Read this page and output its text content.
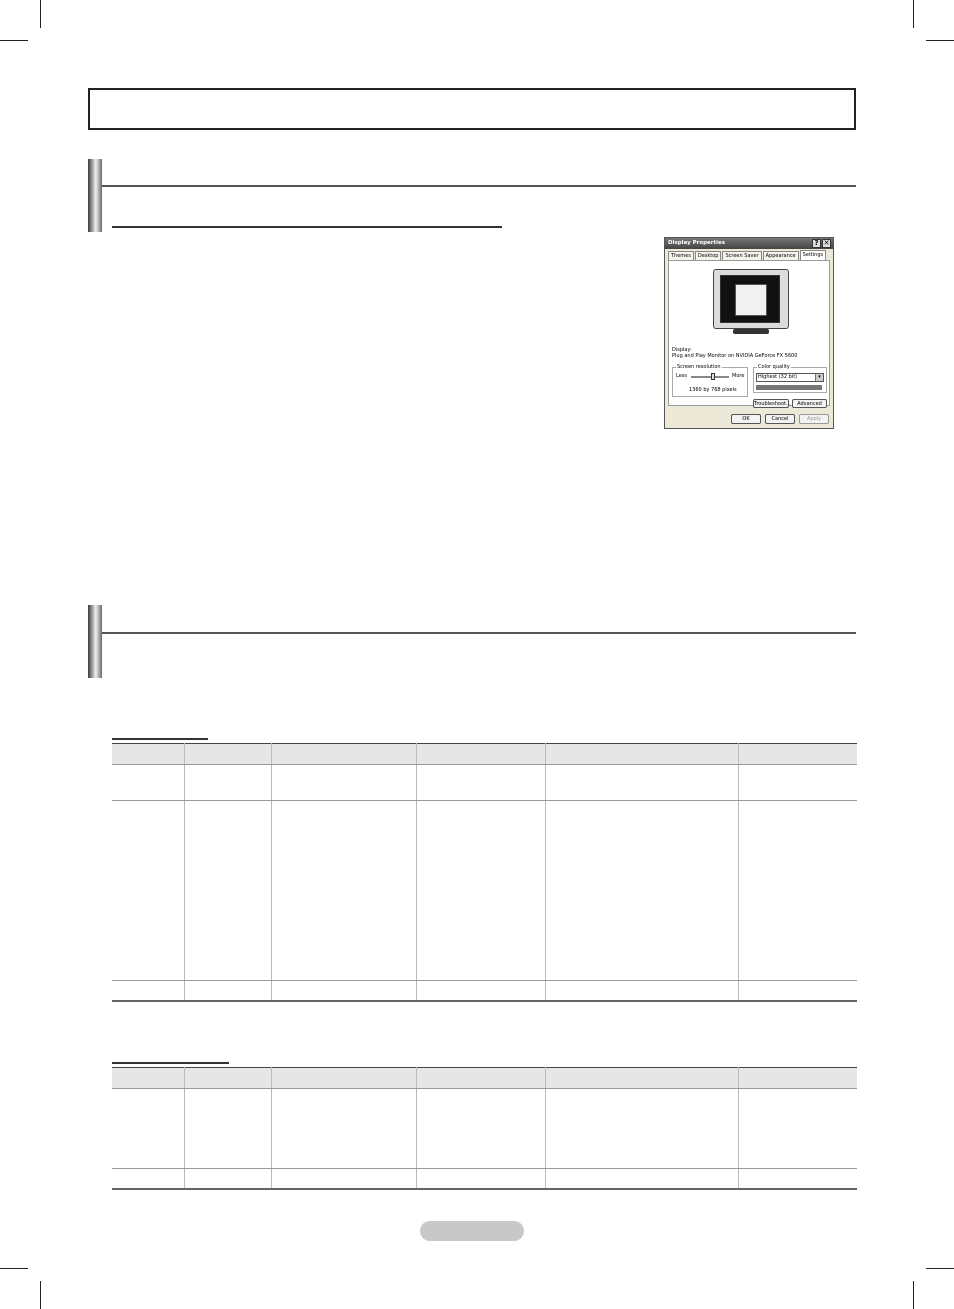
Display Properties	? ✕
Themes	Desktop	Screen Saver	Appearance	Settings
Display:
Plug and Play Monitor on NVIDIA GeForce FX 5600
Screen resolution
Less	More
1360 by 768 pixels
Color quality
Highest (32 bit)	▾
Troubleshoot...	Advanced
OK	Cancel	Apply
